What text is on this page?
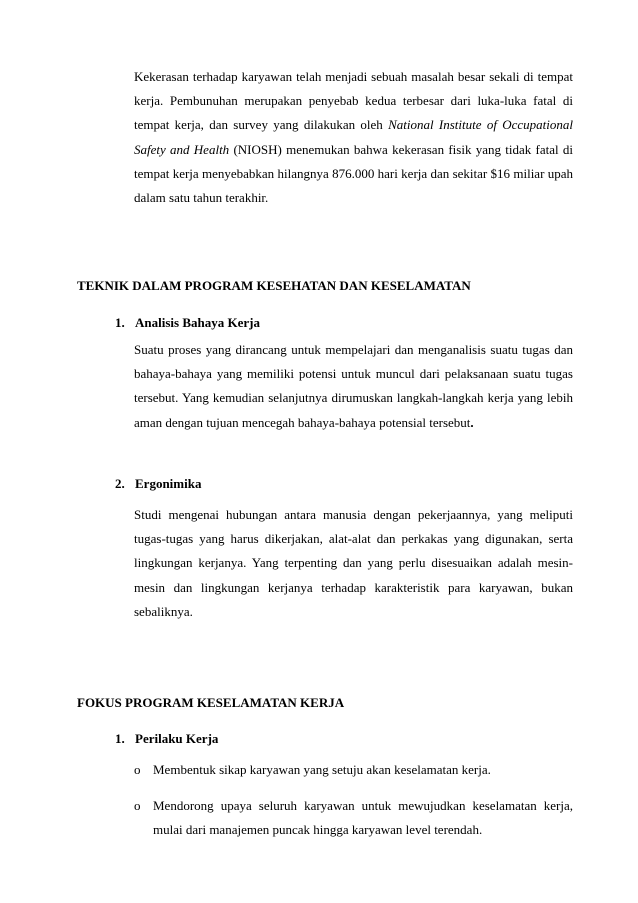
Kekerasan terhadap karyawan telah menjadi sebuah masalah besar sekali di tempat kerja. Pembunuhan merupakan penyebab kedua terbesar dari luka-luka fatal di tempat kerja, dan survey yang dilakukan oleh National Institute of Occupational Safety and Health (NIOSH) menemukan bahwa kekerasan fisik yang tidak fatal di tempat kerja menyebabkan hilangnya 876.000 hari kerja dan sekitar $16 miliar upah dalam satu tahun terakhir.

TEKNIK DALAM PROGRAM KESEHATAN DAN KESELAMATAN
1. Analisis Bahaya Kerja

Suatu proses yang dirancang untuk mempelajari dan menganalisis suatu tugas dan bahaya-bahaya yang memiliki potensi untuk muncul dari pelaksanaan suatu tugas tersebut. Yang kemudian selanjutnya dirumuskan langkah-langkah kerja yang lebih aman dengan tujuan mencegah bahaya-bahaya potensial tersebut.

2. Ergonimika

Studi mengenai hubungan antara manusia dengan pekerjaannya, yang meliputi tugas-tugas yang harus dikerjakan, alat-alat dan perkakas yang digunakan, serta lingkungan kerjanya. Yang terpenting dan yang perlu disesuaikan adalah mesin-mesin dan lingkungan kerjanya terhadap karakteristik para karyawan, bukan sebaliknya.

FOKUS PROGRAM KESELAMATAN KERJA
1. Perilaku Kerja
o Membentuk sikap karyawan yang setuju akan keselamatan kerja.
o Mendorong upaya seluruh karyawan untuk mewujudkan keselamatan kerja, mulai dari manajemen puncak hingga karyawan level terendah.
